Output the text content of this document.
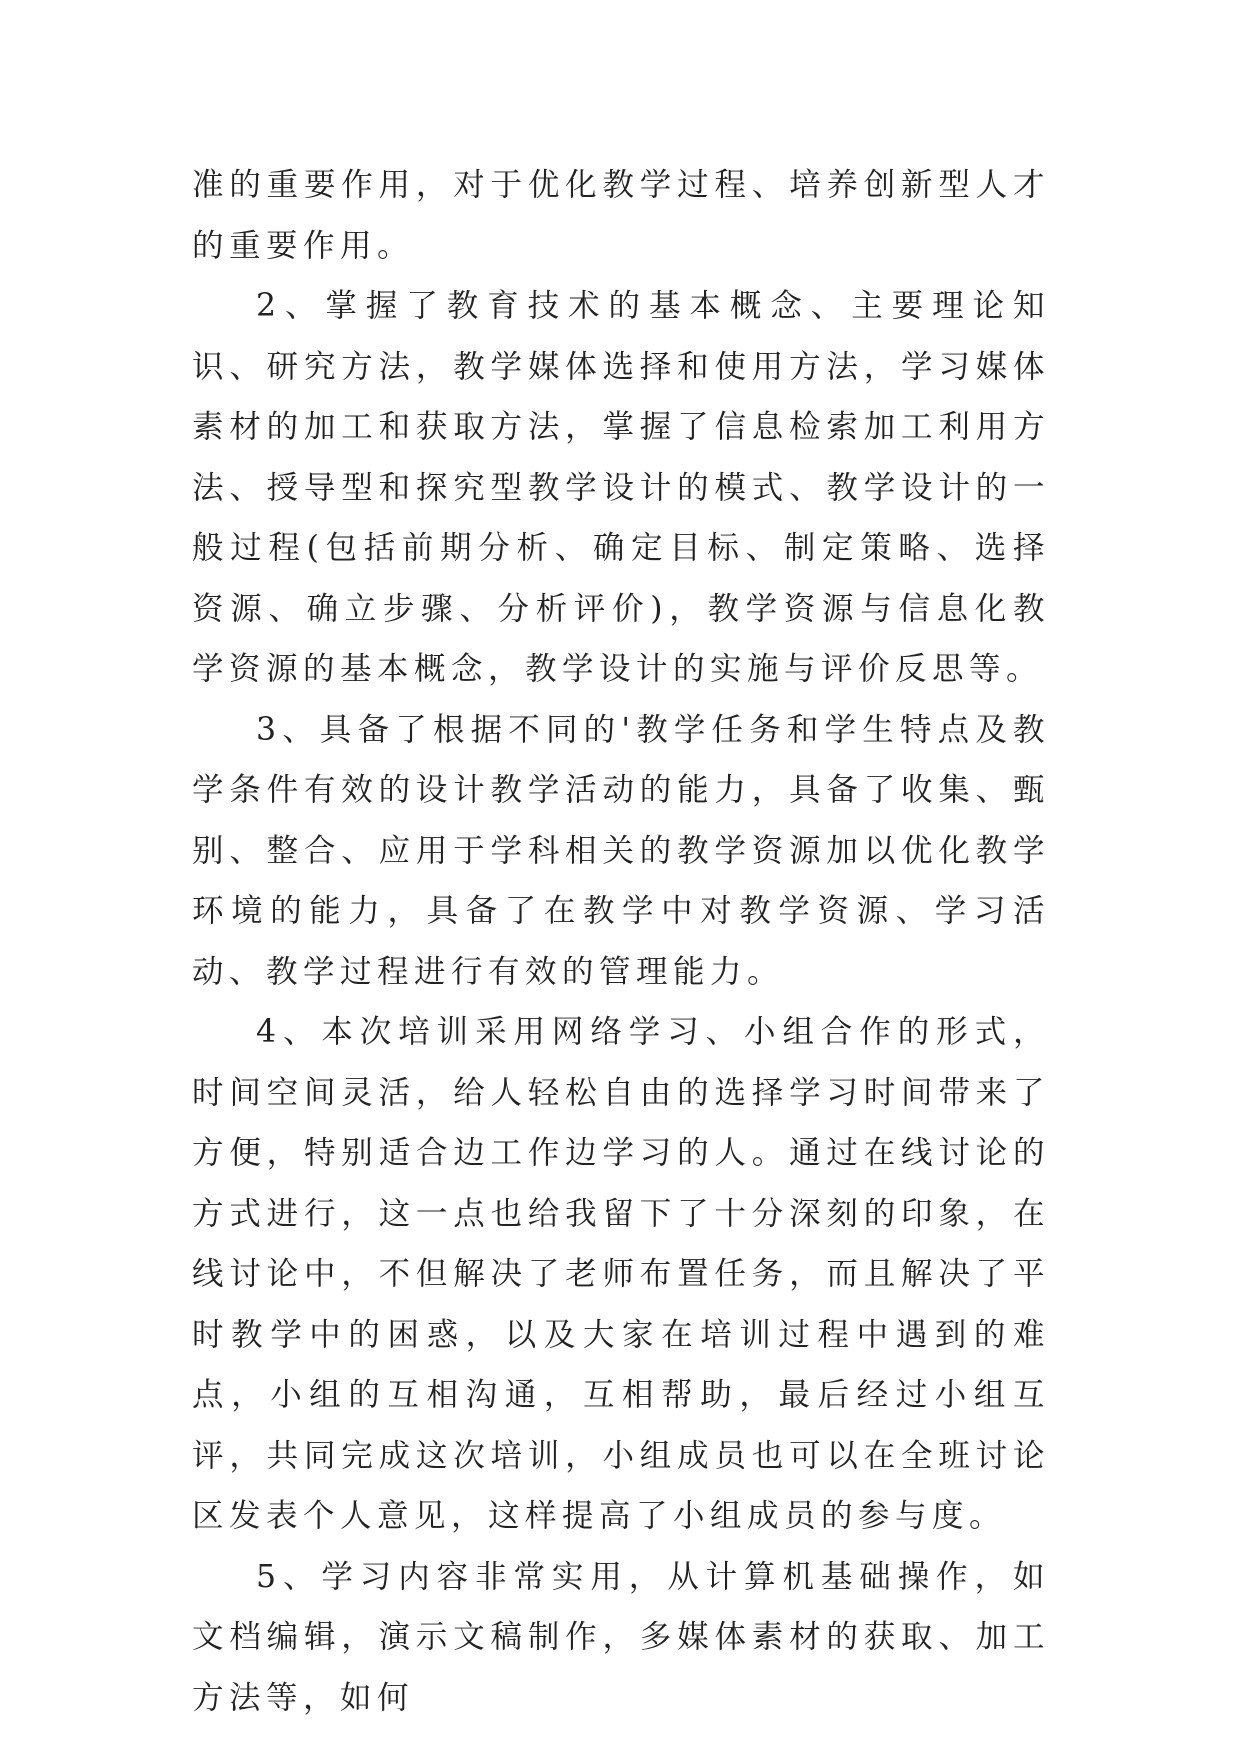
准的重要作用，对于优化教学过程、培养创新型人才的重要作用。

2、掌握了教育技术的基本概念、主要理论知识、研究方法，教学媒体选择和使用方法，学习媒体素材的加工和获取方法，掌握了信息检索加工利用方法、授导型和探究型教学设计的模式、教学设计的一般过程(包括前期分析、确定目标、制定策略、选择资源、确立步骤、分析评价)，教学资源与信息化教学资源的基本概念，教学设计的实施与评价反思等。

3、具备了根据不同的'教学任务和学生特点及教学条件有效的设计教学活动的能力，具备了收集、甄别、整合、应用于学科相关的教学资源加以优化教学环境的能力，具备了在教学中对教学资源、学习活动、教学过程进行有效的管理能力。

4、本次培训采用网络学习、小组合作的形式，时间空间灵活，给人轻松自由的选择学习时间带来了方便，特别适合边工作边学习的人。通过在线讨论的方式进行，这一点也给我留下了十分深刻的印象，在线讨论中，不但解决了老师布置任务，而且解决了平时教学中的困惑，以及大家在培训过程中遇到的难点，小组的互相沟通，互相帮助，最后经过小组互评，共同完成这次培训，小组成员也可以在全班讨论区发表个人意见，这样提高了小组成员的参与度。

5、学习内容非常实用，从计算机基础操作，如文档编辑，演示文稿制作，多媒体素材的获取、加工方法等，如何
